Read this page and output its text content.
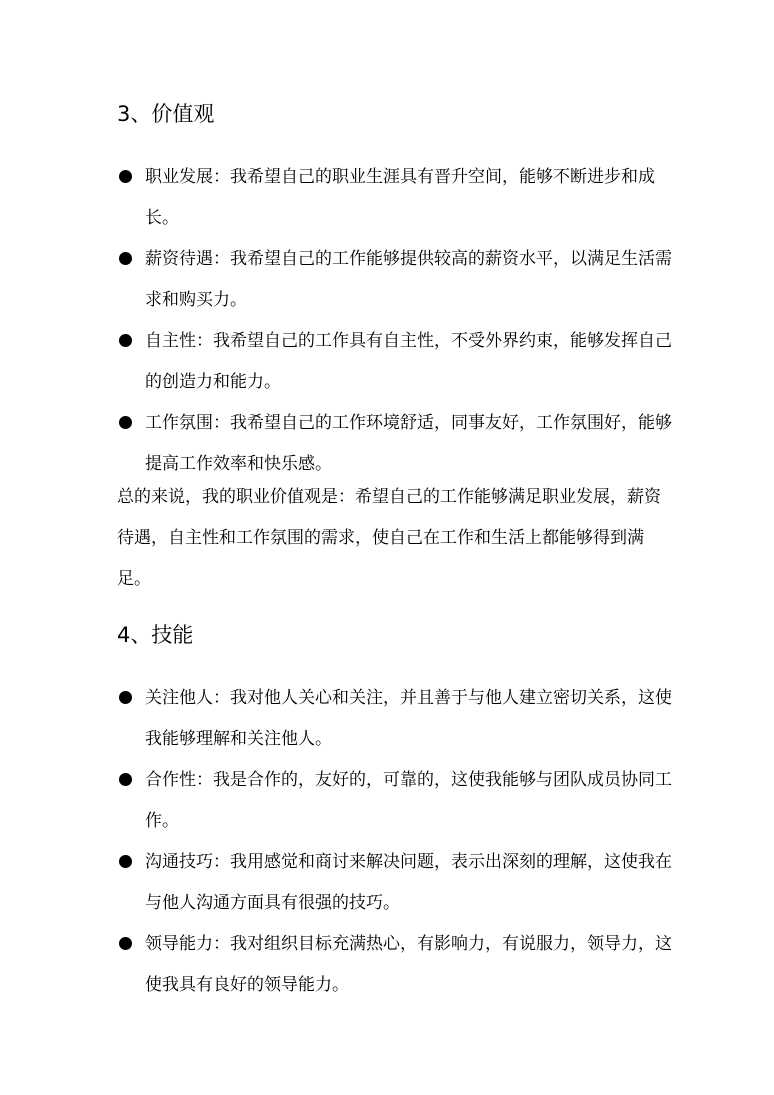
3、价值观
职业发展：我希望自己的职业生涯具有晋升空间，能够不断进步和成长。
薪资待遇：我希望自己的工作能够提供较高的薪资水平，以满足生活需求和购买力。
自主性：我希望自己的工作具有自主性，不受外界约束，能够发挥自己的创造力和能力。
工作氛围：我希望自己的工作环境舒适，同事友好，工作氛围好，能够提高工作效率和快乐感。

总的来说，我的职业价值观是：希望自己的工作能够满足职业发展，薪资待遇，自主性和工作氛围的需求，使自己在工作和生活上都能够得到满足。

4、技能
关注他人：我对他人关心和关注，并且善于与他人建立密切关系，这使我能够理解和关注他人。
合作性：我是合作的，友好的，可靠的，这使我能够与团队成员协同工作。
沟通技巧：我用感觉和商讨来解决问题，表示出深刻的理解，这使我在与他人沟通方面具有很强的技巧。
领导能力：我对组织目标充满热心，有影响力，有说服力，领导力，这使我具有良好的领导能力。
